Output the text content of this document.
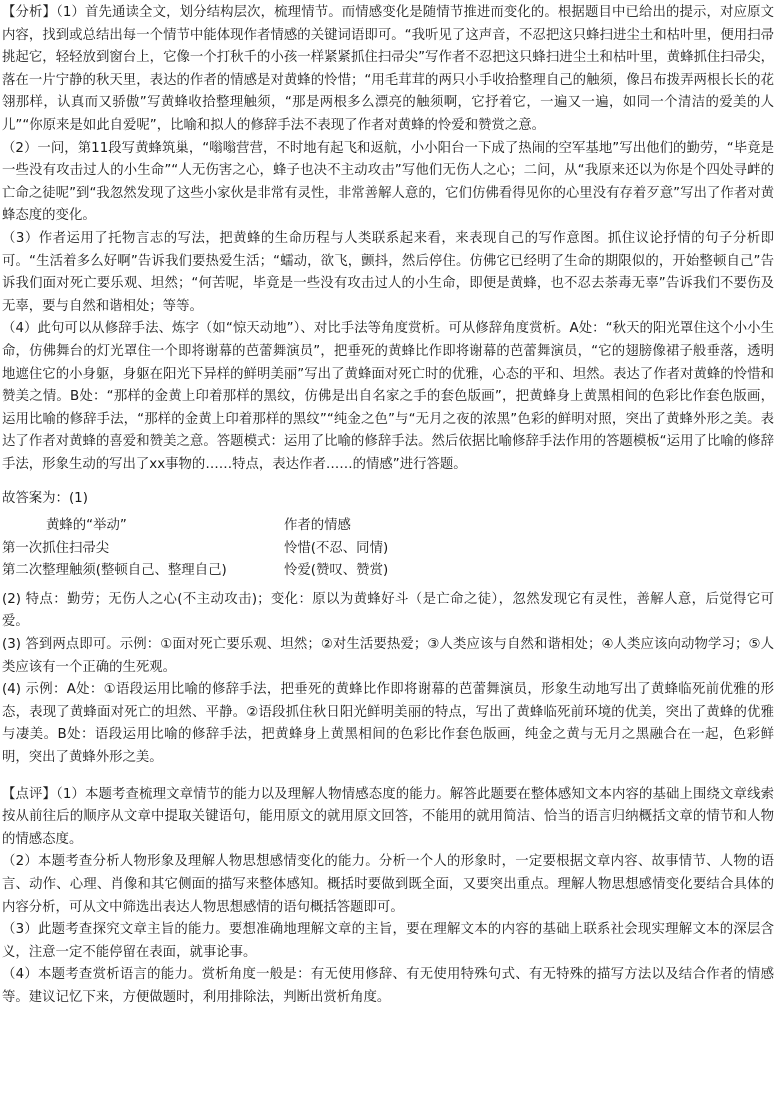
【分析】（1）首先通读全文，划分结构层次，梳理情节。而情感变化是随情节推进而变化的。根据题目中已给出的提示，对应原文内容，找到或总结出每一个情节中能体现作者情感的关键词语即可。“我听见了这声音，不忍把这只蜂扫进尘土和枯叶里，便用扫帚挑起它，轻轻放到窗台上，它像一个打秋千的小孩一样紧紧抓住扫帚尖”写作者不忍把这只蜂扫进尘土和枯叶里，黄蜂抓住扫帚尖，落在一片宁静的秋天里，表达的作者的情感是对黄蜂的怜惜；“用毛茸茸的两只小手收拾整理自己的触须，像吕布拨弄两根长长的花翎那样，认真而又骄傲”写黄蜂收拾整理触须，“那是两根多么漂亮的触须啊，它抒着它，一遍又一遍，如同一个清洁的爱美的人儿”“你原来是如此自爱呢”，比喻和拟人的修辞手法不表现了作者对黄蜂的怜爱和赞赏之意。

（2）一问，第11段写黄蜂筑巢，“嗡嗡营营，不时地有起飞和返航，小小阳台一下成了热闹的空军基地”写出他们的勤劳，“毕竟是一些没有攻击过人的小生命”“人无伤害之心，蜂子也决不主动攻击”写他们无伤人之心；二问，从“我原来还以为你是个四处寻衅的亡命之徒呢”到“我忽然发现了这些小家伙是非常有灵性，非常善解人意的，它们仿佛看得见你的心里没有存着歹意”写出了作者对黄蜂态度的变化。

（3）作者运用了托物言志的写法，把黄蜂的生命历程与人类联系起来看，来表现自己的写作意图。抓住议论抒情的句子分析即可。“生活着多么好啊”告诉我们要热爱生活；“蠕动，欲飞，颤抖，然后停住。仿佛它已经明了生命的期限似的，开始整顿自己”告诉我们面对死亡要乐观、坦然；“何苦呢，毕竟是一些没有攻击过人的小生命，即便是黄蜂，也不忍去荼毒无辜”告诉我们不要伤及无辜，要与自然和谐相处；等等。

（4）此句可以从修辞手法、炼字（如“惊天动地”）、对比手法等角度赏析。可从修辞角度赏析。A处：“秋天的阳光罩住这个小小生命，仿佛舞台的灯光罩住一个即将谢幕的芭蕾舞演员”，把垂死的黄蜂比作即将谢幕的芭蕾舞演员，“它的翅膀像裙子般垂落，透明地遮住它的小身躯，身躯在阳光下异样的鲜明美丽”写出了黄蜂面对死亡时的优雅，心态的平和、坦然。表达了作者对黄蜂的怜惜和赞美之情。B处：“那样的金黄上印着那样的黑纹，仿佛是出自名家之手的套色版画”，把黄蜂身上黄黑相间的色彩比作套色版画，运用比喻的修辞手法，“那样的金黄上印着那样的黑纹”“纯金之色”与“无月之夜的浓黑”色彩的鲜明对照，突出了黄蜂外形之美。表达了作者对黄蜂的喜爱和赞美之意。答题模式：运用了比喻的修辞手法。然后依据比喻修辞手法作用的答题模板“运用了比喻的修辞手法，形象生动的写出了xx事物的……特点，表达作者……的情感”进行答题。

故答案为：(1)

黄蜂的“举动”	作者的情感
第一次抓住扫帚尖	怜惜(不忍、同情)
第二次整理触须(整顿自己、整理自己)	怜爱(赞叹、赞赏)

(2) 特点：勤劳；无伤人之心(不主动攻击)；变化：原以为黄蜂好斗（是亡命之徒），忽然发现它有灵性，善解人意，后觉得它可爱。

(3) 答到两点即可。示例：①面对死亡要乐观、坦然；②对生活要热爱；③人类应该与自然和谐相处；④人类应该向动物学习；⑤人类应该有一个正确的生死观。

(4) 示例：A处：①语段运用比喻的修辞手法，把垂死的黄蜂比作即将谢幕的芭蕾舞演员，形象生动地写出了黄蜂临死前优雅的形态，表现了黄蜂面对死亡的坦然、平静。②语段抓住秋日阳光鲜明美丽的特点，写出了黄蜂临死前环境的优美，突出了黄蜂的优雅与凄美。B处：语段运用比喻的修辞手法，把黄蜂身上黄黑相间的色彩比作套色版画，纯金之黄与无月之黑融合在一起，色彩鲜明，突出了黄蜂外形之美。

【点评】（1）本题考查梳理文章情节的能力以及理解人物情感态度的能力。解答此题要在整体感知文本内容的基础上围绕文章线索按从前往后的顺序从文章中提取关键语句，能用原文的就用原文回答，不能用的就用简洁、恰当的语言归纳概括文章的情节和人物的情感态度。

（2）本题考查分析人物形象及理解人物思想感情变化的能力。分析一个人的形象时，一定要根据文章内容、故事情节、人物的语言、动作、心理、肖像和其它侧面的描写来整体感知。概括时要做到既全面，又要突出重点。理解人物思想感情变化要结合具体的内容分析，可从文中筛选出表达人物思想感情的语句概括答题即可。

（3）此题考查探究文章主旨的能力。要想准确地理解文章的主旨，要在理解文本的内容的基础上联系社会现实理解文本的深层含义，注意一定不能停留在表面，就事论事。

（4）本题考查赏析语言的能力。赏析角度一般是：有无使用修辞、有无使用特殊句式、有无特殊的描写方法以及结合作者的情感等。建议记忆下来，方便做题时，利用排除法，判断出赏析角度。
